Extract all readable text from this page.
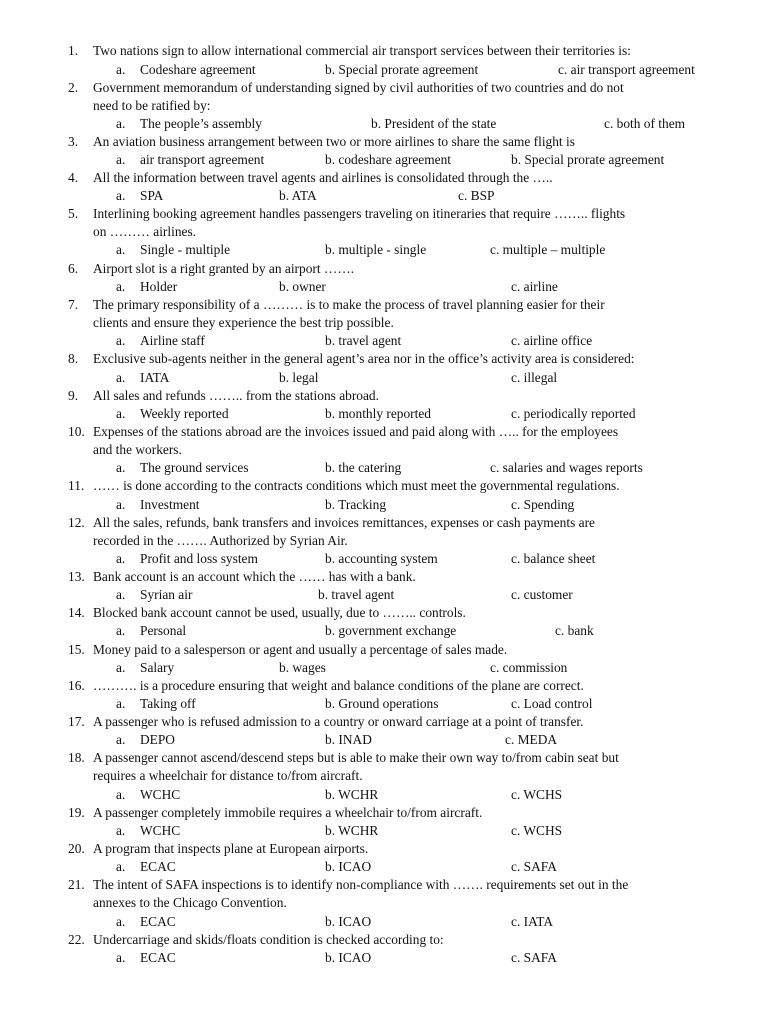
1. Two nations sign to allow international commercial air transport services between their territories is:
a. Codeshare agreement	b. Special prorate agreement	c. air transport agreement
2. Government memorandum of understanding signed by civil authorities of two countries and do not
need to be ratified by:
a. The people’s assembly	b. President of the state	c. both of them
3. An aviation business arrangement between two or more airlines to share the same flight is
a. air transport agreement	b. codeshare agreement	b. Special prorate agreement
4. All the information between travel agents and airlines is consolidated through the …..
a. SPA	b. ATA	c. BSP
5. Interlining booking agreement handles passengers traveling on itineraries that require …….. flights
on ……… airlines.
a. Single - multiple	b. multiple - single	c. multiple – multiple
6. Airport slot is a right granted by an airport …….
a. Holder	b. owner	c. airline
7. The primary responsibility of a ……… is to make the process of travel planning easier for their
clients and ensure they experience the best trip possible.
a. Airline staff	b. travel agent	c. airline office
8. Exclusive sub-agents neither in the general agent’s area nor in the office’s activity area is considered:
a. IATA	b. legal	c. illegal
9. All sales and refunds …….. from the stations abroad.
a. Weekly reported	b. monthly reported	c. periodically reported
10. Expenses of the stations abroad are the invoices issued and paid along with ….. for the employees
and the workers.
a. The ground services	b. the catering	c. salaries and wages reports
11. …… is done according to the contracts conditions which must meet the governmental regulations.
a. Investment	b. Tracking	c. Spending
12. All the sales, refunds, bank transfers and invoices remittances, expenses or cash payments are
recorded in the ……. Authorized by Syrian Air.
a. Profit and loss system	b. accounting system	c. balance sheet
13. Bank account is an account which the …… has with a bank.
a. Syrian air	b. travel agent	c. customer
14. Blocked bank account cannot be used, usually, due to …….. controls.
a. Personal	b. government exchange	c. bank
15. Money paid to a salesperson or agent and usually a percentage of sales made.
a. Salary	b. wages	c. commission
16. ………. is a procedure ensuring that weight and balance conditions of the plane are correct.
a. Taking off	b. Ground operations	c. Load control
17. A passenger who is refused admission to a country or onward carriage at a point of transfer.
a. DEPO	b. INAD	c. MEDA
18. A passenger cannot ascend/descend steps but is able to make their own way to/from cabin seat but
requires a wheelchair for distance to/from aircraft.
a. WCHC	b. WCHR	c. WCHS
19. A passenger completely immobile requires a wheelchair to/from aircraft.
a. WCHC	b. WCHR	c. WCHS
20. A program that inspects plane at European airports.
a. ECAC	b. ICAO	c. SAFA
21. The intent of SAFA inspections is to identify non-compliance with ……. requirements set out in the
annexes to the Chicago Convention.
a. ECAC	b. ICAO	c. IATA
22. Undercarriage and skids/floats condition is checked according to:
a. ECAC	b. ICAO	c. SAFA
